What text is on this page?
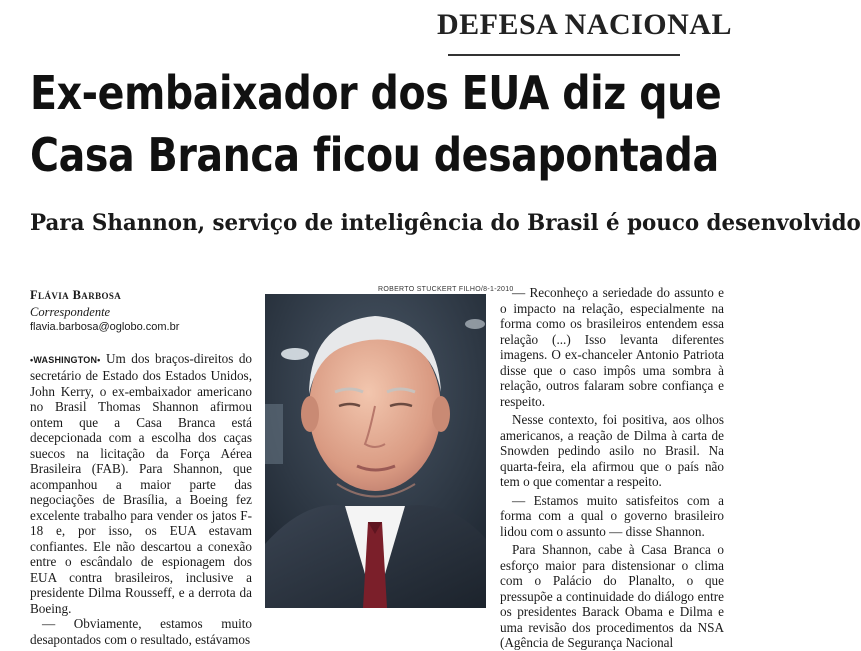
DEFESA NACIONAL
Ex-embaixador dos EUA diz que
Casa Branca ficou desapontada
Para Shannon, serviço de inteligência do Brasil é pouco desenvolvido
Flávia Barbosa
Correspondente
flavia.barbosa@oglobo.com.br

•WASHINGTON• Um dos braços-direitos do secretário de Estado dos Estados Unidos, John Kerry, o ex-embaixador americano no Brasil Thomas Shannon afirmou ontem que a Casa Branca está decepcionada com a escolha dos caças suecos na licitação da Força Aérea Brasileira (FAB). Para Shannon, que acompanhou a maior parte das negociações de Brasília, a Boeing fez excelente trabalho para vender os jatos F-18 e, por isso, os EUA estavam confiantes. Ele não descartou a conexão entre o escândalo de espionagem dos EUA contra brasileiros, inclusive a presidente Dilma Rousseff, e a derrota da Boeing.

— Obviamente, estamos muito desapontados com o resultado, estávamos

ROBERTO STUCKERT FILHO/8-1-2010

— Reconheço a seriedade do assunto e o impacto na relação, especialmente na forma como os brasileiros entendem essa relação (...) Isso levanta diferentes imagens. O ex-chanceler Antonio Patriota disse que o caso impôs uma sombra à relação, outros falaram sobre confiança e respeito.

Nesse contexto, foi positiva, aos olhos americanos, a reação de Dilma à carta de Snowden pedindo asilo no Brasil. Na quarta-feira, ela afirmou que o país não tem o que comentar a respeito.

— Estamos muito satisfeitos com a forma com a qual o governo brasileiro lidou com o assunto — disse Shannon.

Para Shannon, cabe à Casa Branca o esforço maior para distensionar o clima com o Palácio do Planalto, o que pressupõe a continuidade do diálogo entre os presidentes Barack Obama e Dilma e uma revisão dos procedimentos da NSA (Agência de Segurança Nacional
